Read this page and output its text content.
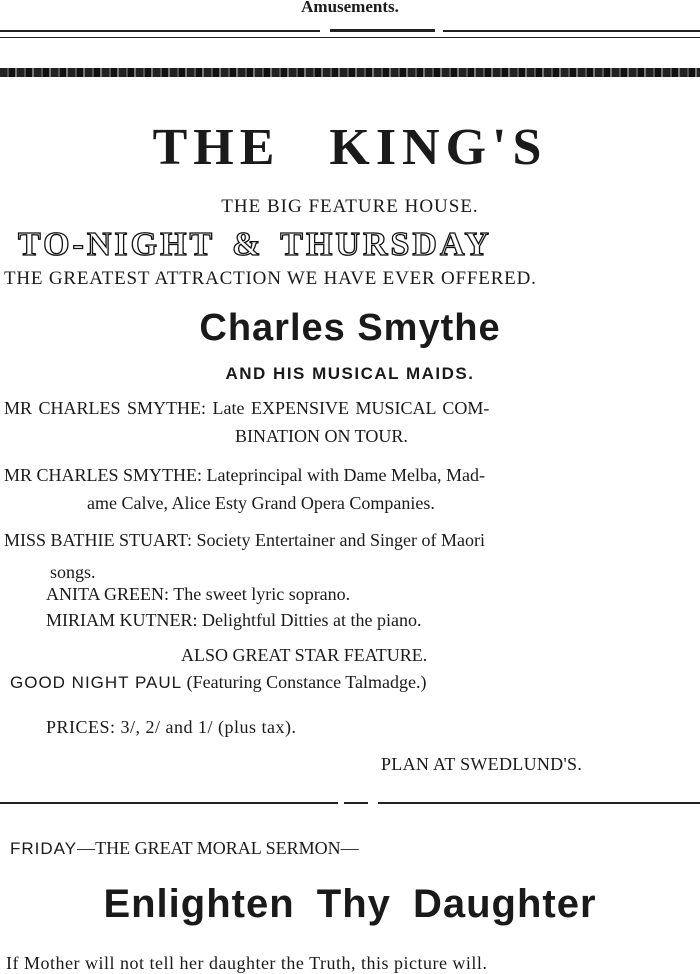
Amusements.
THE KING'S
THE BIG FEATURE HOUSE.
TO-NIGHT & THURSDAY
THE GREATEST ATTRACTION WE HAVE EVER OFFERED.
Charles Smythe
AND HIS MUSICAL MAIDS.
MR CHARLES SMYTHE: Late EXPENSIVE MUSICAL COM-
BINATION ON TOUR.
MR CHARLES SMYTHE: Lateprincipal with Dame Melba, Mad-
ame Calve, Alice Esty Grand Opera Companies.
MISS BATHIE STUART: Society Entertainer and Singer of Maori
songs.
ANITA GREEN: The sweet lyric soprano.
MIRIAM KUTNER: Delightful Ditties at the piano.
ALSO GREAT STAR FEATURE.
GOOD NIGHT PAUL (Featuring Constance Talmadge.)
PRICES: 3/, 2/ and 1/ (plus tax).
PLAN AT SWEDLUND'S.
FRIDAY—THE GREAT MORAL SERMON—
Enlighten Thy Daughter
If Mother will not tell her daughter the Truth, this picture will.
